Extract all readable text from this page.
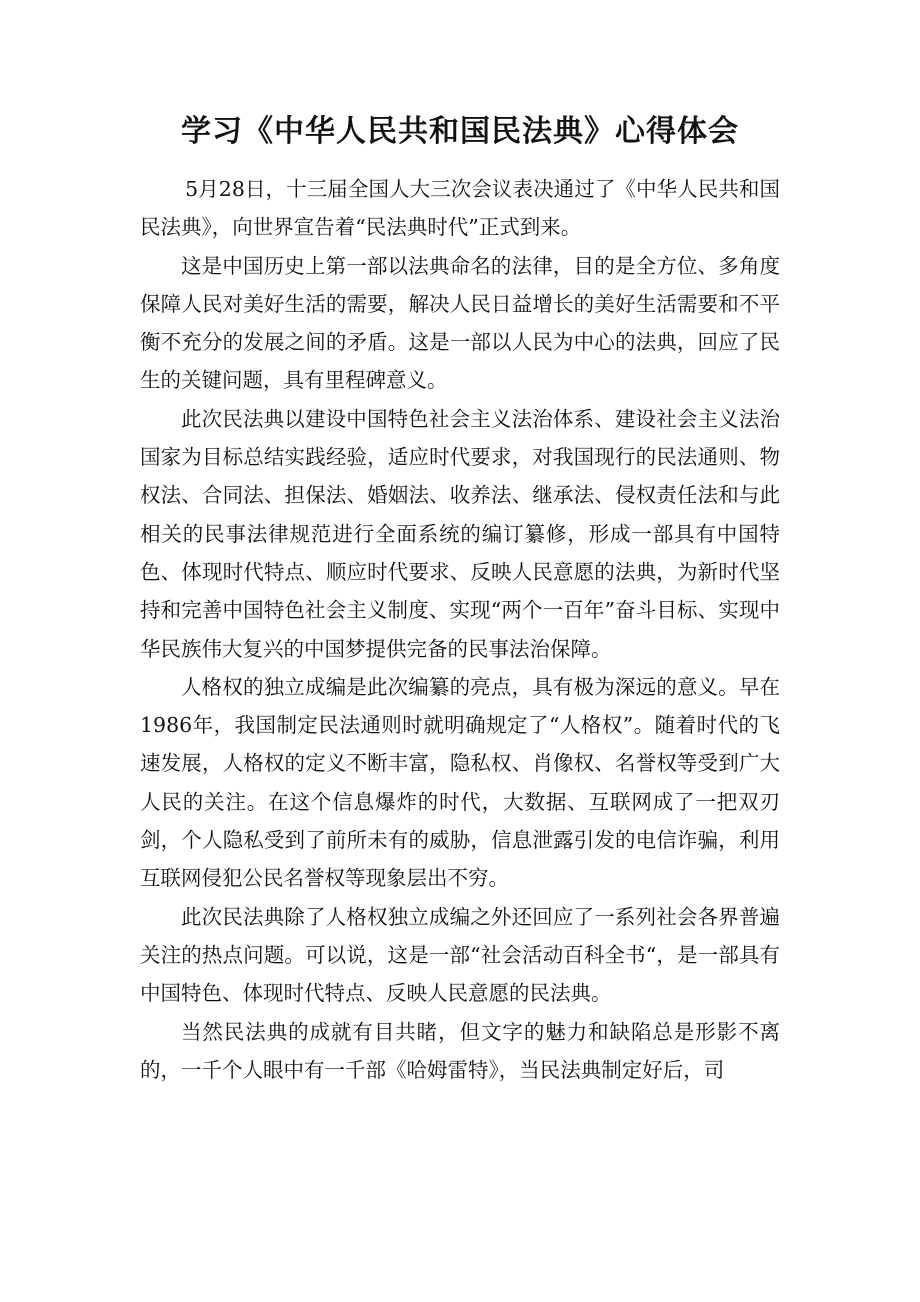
学习《中华人民共和国民法典》心得体会

5月28日，十三届全国人大三次会议表决通过了《中华人民共和国民法典》，向世界宣告着“民法典时代”正式到来。

这是中国历史上第一部以法典命名的法律，目的是全方位、多角度保障人民对美好生活的需要，解决人民日益增长的美好生活需要和不平衡不充分的发展之间的矛盾。这是一部以人民为中心的法典，回应了民生的关键问题，具有里程碑意义。

此次民法典以建设中国特色社会主义法治体系、建设社会主义法治国家为目标总结实践经验，适应时代要求，对我国现行的民法通则、物权法、合同法、担保法、婚姻法、收养法、继承法、侵权责任法和与此相关的民事法律规范进行全面系统的编订纂修，形成一部具有中国特色、体现时代特点、顺应时代要求、反映人民意愿的法典，为新时代坚持和完善中国特色社会主义制度、实现“两个一百年”奋斗目标、实现中华民族伟大复兴的中国梦提供完备的民事法治保障。

人格权的独立成编是此次编纂的亮点，具有极为深远的意义。早在1986年，我国制定民法通则时就明确规定了“人格权”。随着时代的飞速发展，人格权的定义不断丰富，隐私权、肖像权、名誉权等受到广大人民的关注。在这个信息爆炸的时代，大数据、互联网成了一把双刃剑，个人隐私受到了前所未有的威胁，信息泄露引发的电信诈骗，利用互联网侵犯公民名誉权等现象层出不穷。

此次民法典除了人格权独立成编之外还回应了一系列社会各界普遍关注的热点问题。可以说，这是一部“社会活动百科全书“，是一部具有中国特色、体现时代特点、反映人民意愿的民法典。

当然民法典的成就有目共睹，但文字的魅力和缺陷总是形影不离的，一千个人眼中有一千部《哈姆雷特》，当民法典制定好后，司
